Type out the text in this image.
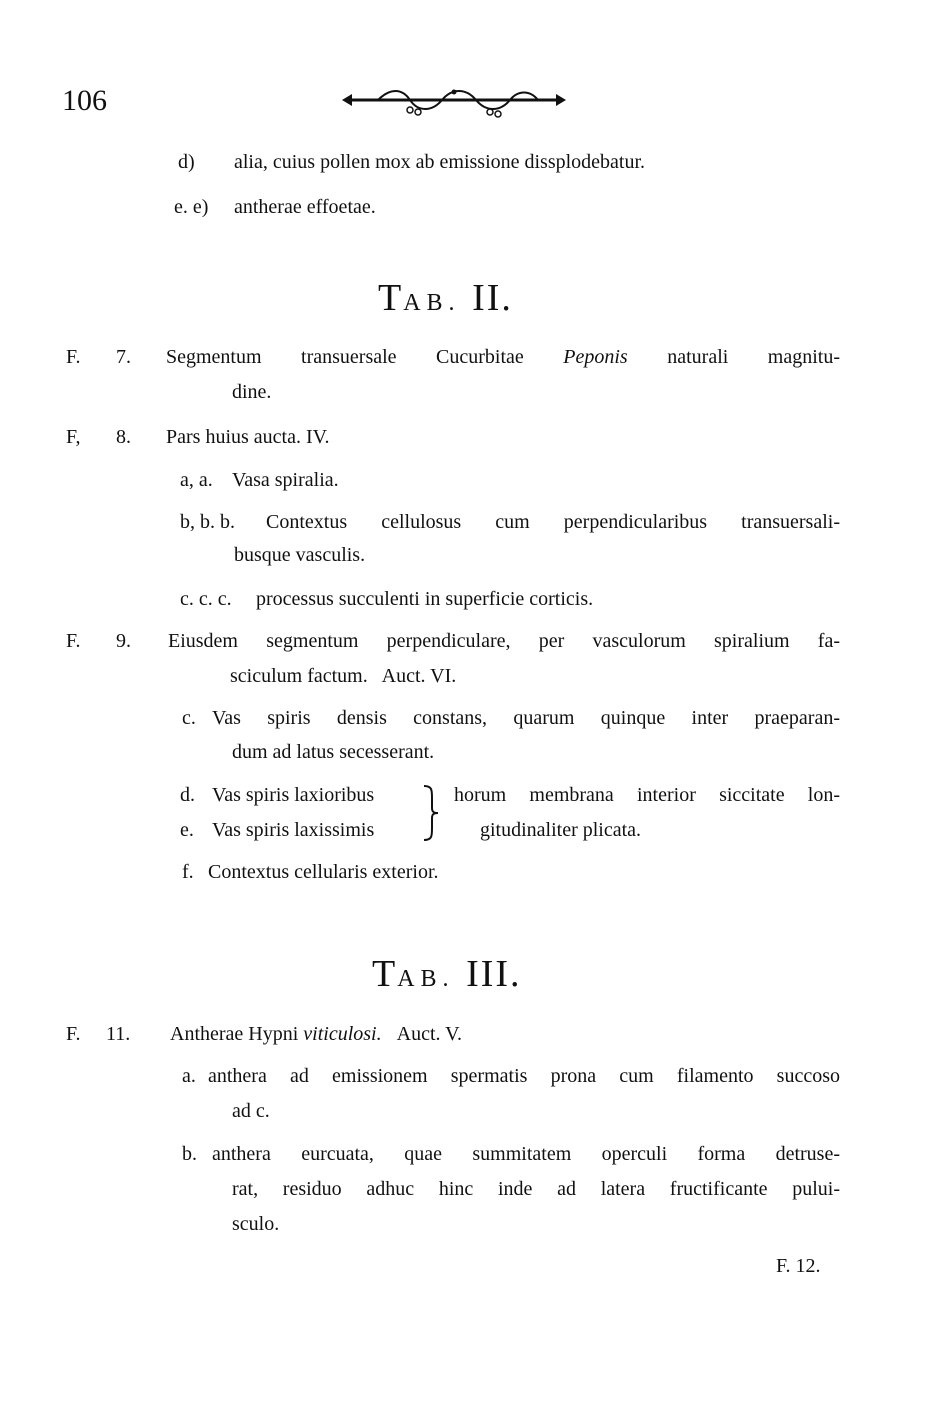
106
d) alia, cuius pollen mox ab emissione dissplodebatur.
e. e) antherae effoetae.
TAB. II.
F. 7. Segmentum transuersale Cucurbitae Peponis naturali magnitu-
dine.
F, 8. Pars huius aucta. IV.
a, a. Vasa spiralia.
b, b. b. Contextus cellulosus cum perpendicularibus transuersali-
busque vasculis.
c. c. c. processus succulenti in superficie corticis.
F. 9. Eiusdem segmentum perpendiculare, per vasculorum spiralium fa-
sciculum factum.   Auct. VI.
c. Vas spiris densis constans, quarum quinque inter praeparan-
dum ad latus secesserant.
d. Vas spiris laxioribus
e. Vas spiris laxissimis
horum membrana interior siccitate lon-
gitudinaliter plicata.
f. Contextus cellularis exterior.
TAB. III.
F. 11. Antherae Hypni viticulosi. Auct. V.
a. anthera ad emissionem spermatis prona cum filamento succoso
ad c.
b. anthera eurcuata, quae summitatem operculi forma detruse-
rat, residuo adhuc hinc inde ad latera fructificante pului-
sculo.
F. 12.
